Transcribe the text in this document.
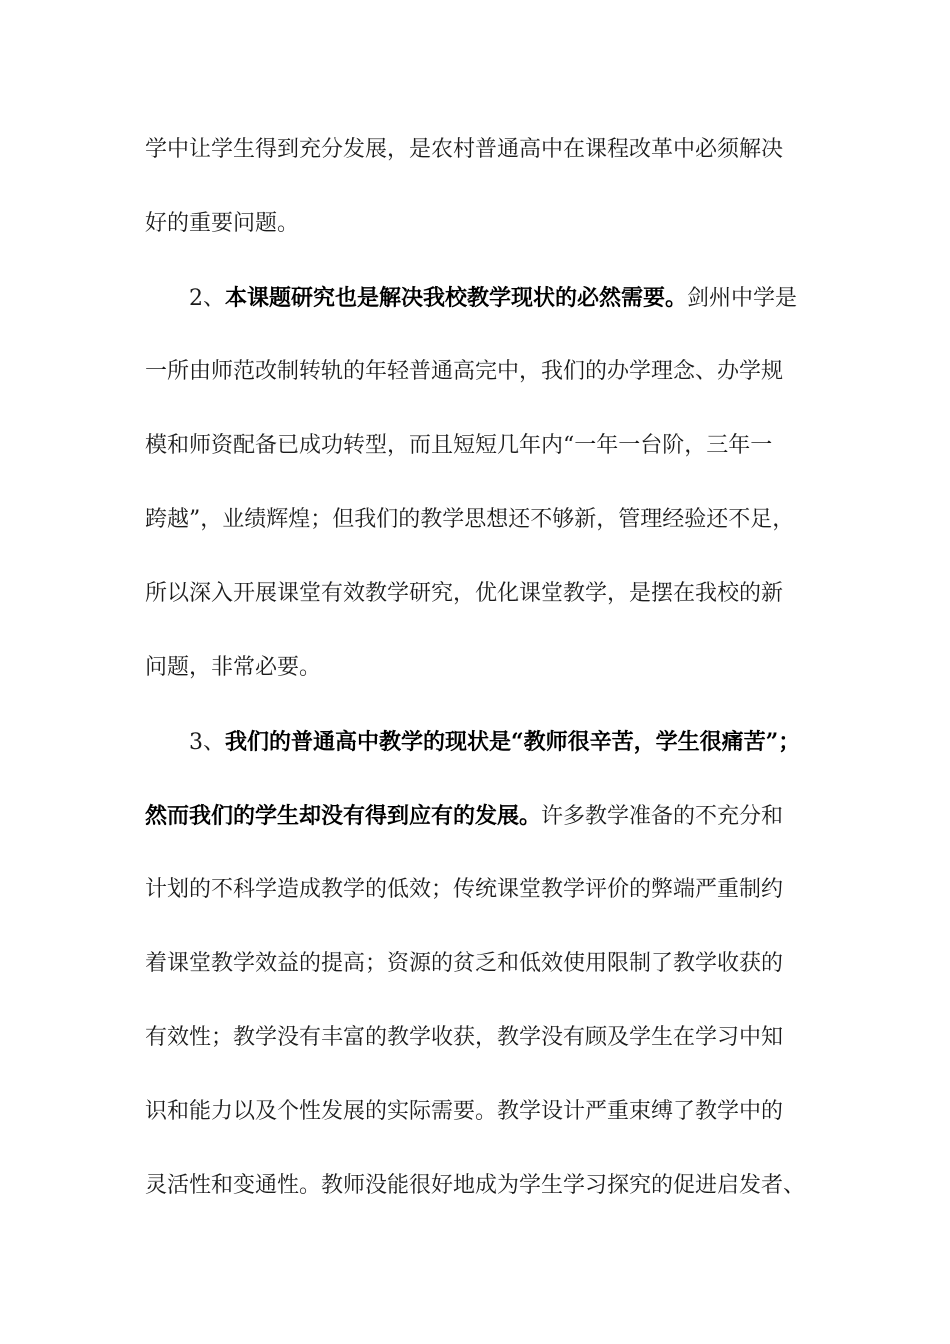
学中让学生得到充分发展，是农村普通高中在课程改革中必须解决
好的重要问题。
2、本课题研究也是解决我校教学现状的必然需要。剑州中学是
一所由师范改制转轨的年轻普通高完中，我们的办学理念、办学规
模和师资配备已成功转型，而且短短几年内“一年一台阶，三年一
跨越”，业绩辉煌；但我们的教学思想还不够新，管理经验还不足，
所以深入开展课堂有效教学研究，优化课堂教学，是摆在我校的新
问题，非常必要。
3、我们的普通高中教学的现状是“教师很辛苦，学生很痛苦”；
然而我们的学生却没有得到应有的发展。许多教学准备的不充分和
计划的不科学造成教学的低效；传统课堂教学评价的弊端严重制约
着课堂教学效益的提高；资源的贫乏和低效使用限制了教学收获的
有效性；教学没有丰富的教学收获，教学没有顾及学生在学习中知
识和能力以及个性发展的实际需要。教学设计严重束缚了教学中的
灵活性和变通性。教师没能很好地成为学生学习探究的促进启发者、
